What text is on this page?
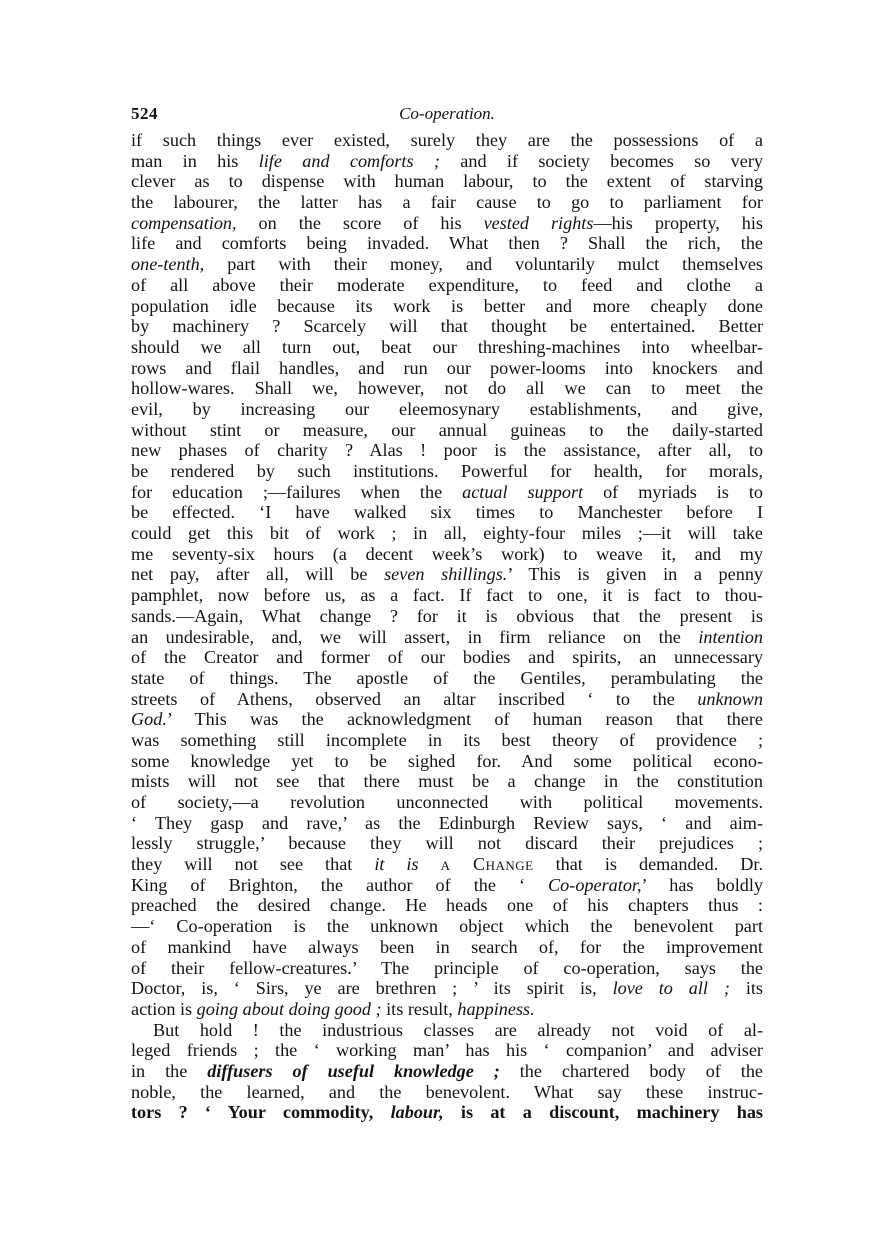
524	Co-operation.
if such things ever existed, surely they are the possessions of a
man in his life and comforts ; and if society becomes so very
clever as to dispense with human labour, to the extent of starving
the labourer, the latter has a fair cause to go to parliament for
compensation, on the score of his vested rights—his property, his
life and comforts being invaded. What then ? Shall the rich, the
one-tenth, part with their money, and voluntarily mulct themselves
of all above their moderate expenditure, to feed and clothe a
population idle because its work is better and more cheaply done
by machinery ? Scarcely will that thought be entertained. Better
should we all turn out, beat our threshing-machines into wheelbar-
rows and flail handles, and run our power-looms into knockers and
hollow-wares. Shall we, however, not do all we can to meet the
evil, by increasing our eleemosynary establishments, and give,
without stint or measure, our annual guineas to the daily-started
new phases of charity ? Alas ! poor is the assistance, after all, to
be rendered by such institutions. Powerful for health, for morals,
for education ;—failures when the actual support of myriads is to
be effected. ‘I have walked six times to Manchester before I
could get this bit of work ; in all, eighty-four miles ;—it will take
me seventy-six hours (a decent week’s work) to weave it, and my
net pay, after all, will be seven shillings.’ This is given in a penny
pamphlet, now before us, as a fact. If fact to one, it is fact to thou-
sands.—Again, What change ? for it is obvious that the present is
an undesirable, and, we will assert, in firm reliance on the intention
of the Creator and former of our bodies and spirits, an unnecessary
state of things. The apostle of the Gentiles, perambulating the
streets of Athens, observed an altar inscribed ‘ to the unknown
God.’ This was the acknowledgment of human reason that there
was something still incomplete in its best theory of providence ;
some knowledge yet to be sighed for. And some political econo-
mists will not see that there must be a change in the constitution
of society,—a revolution unconnected with political movements.
‘ They gasp and rave,’ as the Edinburgh Review says, ‘ and aim-
lessly struggle,’ because they will not discard their prejudices ;
they will not see that it is a Change that is demanded. Dr.
King of Brighton, the author of the ‘ Co-operator,’ has boldly
preached the desired change. He heads one of his chapters thus :
—‘ Co-operation is the unknown object which the benevolent part
of mankind have always been in search of, for the improvement
of their fellow-creatures.’ The principle of co-operation, says the
Doctor, is, ‘ Sirs, ye are brethren ; ’ its spirit is, love to all ; its
action is going about doing good ; its result, happiness.
But hold ! the industrious classes are already not void of al-
leged friends ; the ‘ working man’ has his ‘ companion’ and adviser
in the diffusers of useful knowledge ; the chartered body of the
noble, the learned, and the benevolent. What say these instruc-
tors ? ‘ Your commodity, labour, is at a discount, machinery has
